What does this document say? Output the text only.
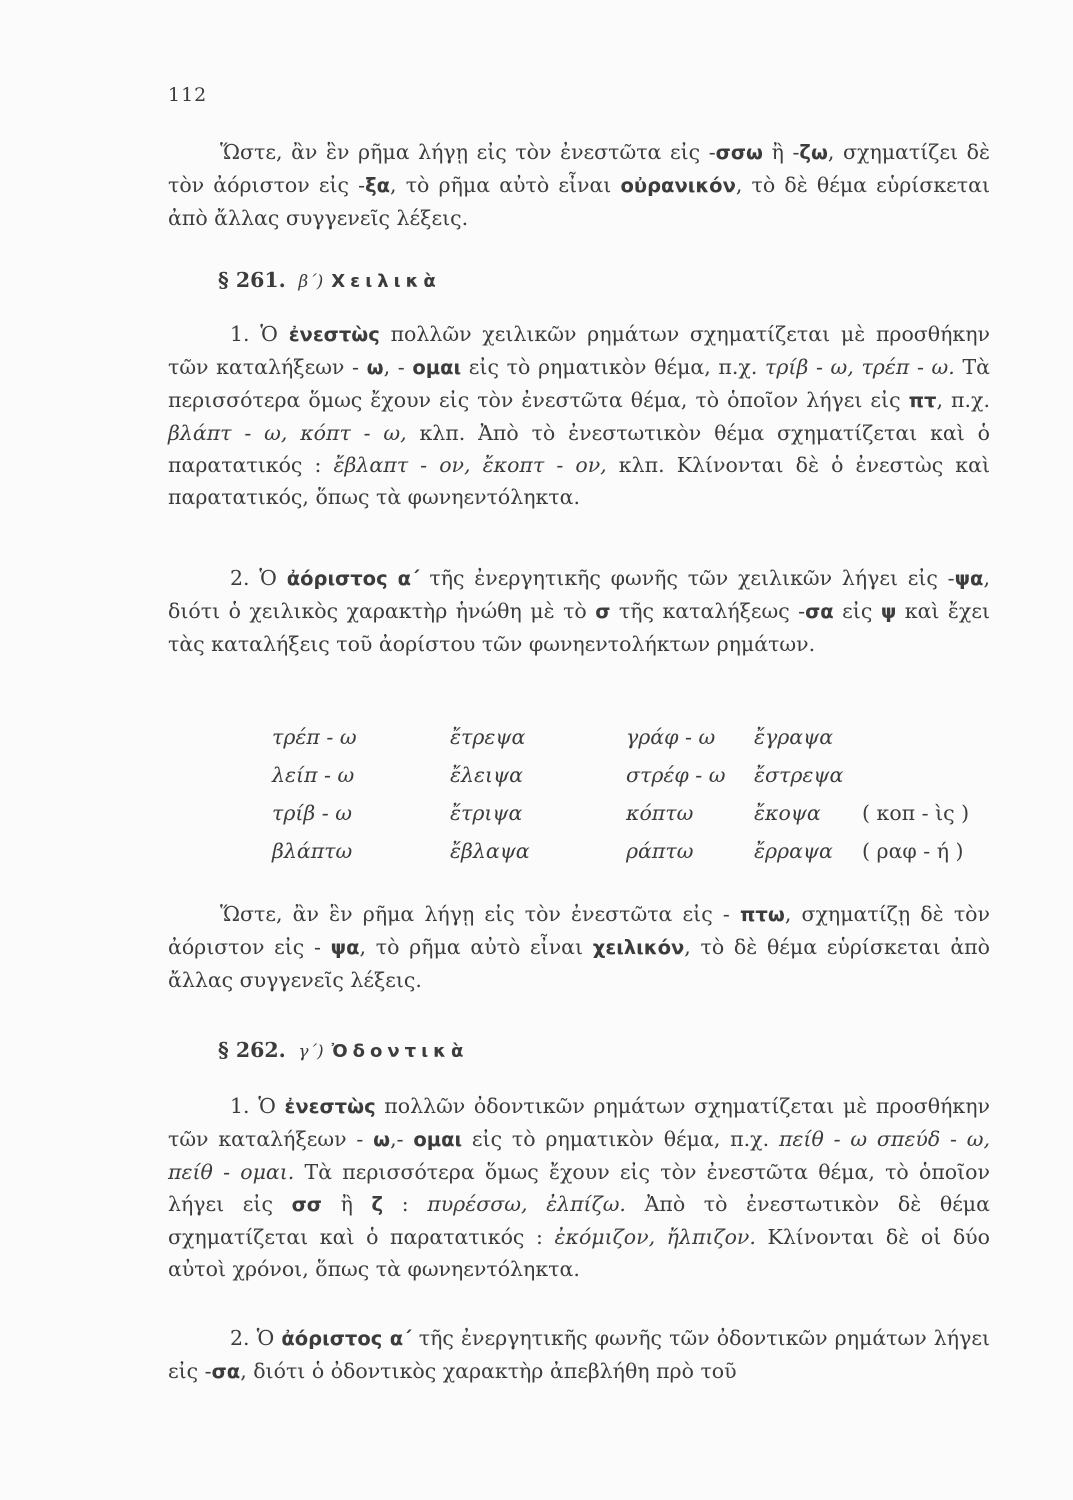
112

Ὥστε, ἂν ἓν ρῆμα λήγῃ εἰς τὸν ἐνεστῶτα εἰς -σσω ἢ -ζω, σχηματίζει δὲ τὸν ἀόριστον εἰς -ξα, τὸ ρῆμα αὐτὸ εἶναι οὐρανικόν, τὸ δὲ θέμα εὑρίσκεται ἀπὸ ἄλλας συγγενεῖς λέξεις.

§ 261. β΄) Χειλικὰ

1. Ὁ ἐνεστὼς πολλῶν χειλικῶν ρημάτων σχηματίζεται μὲ προσθήκην τῶν καταλήξεων - ω, - ομαι εἰς τὸ ρηματικὸν θέμα, π.χ. τρίβ - ω, τρέπ - ω. Τὰ περισσότερα ὅμως ἔχουν εἰς τὸν ἐνεστῶτα θέμα, τὸ ὁποῖον λήγει εἰς πτ, π.χ. βλάπτ - ω, κόπτ - ω, κλπ. Ἀπὸ τὸ ἐνεστωτικὸν θέμα σχηματίζεται καὶ ὁ παρατατικός : ἔβλαπτ - ον, ἔκοπτ - ον, κλπ. Κλίνονται δὲ ὁ ἐνεστὼς καὶ παρατατικός, ὅπως τὰ φωνηεντόληκτα.

2. Ὁ ἀόριστος α΄ τῆς ἐνεργητικῆς φωνῆς τῶν χειλικῶν λήγει εἰς -ψα, διότι ὁ χειλικὸς χαρακτὴρ ἡνώθη μὲ τὸ σ τῆς καταλήξεως -σα εἰς ψ καὶ ἔχει τὰς καταλήξεις τοῦ ἀορίστου τῶν φωνηεντολήκτων ρημάτων.

τρέπ - ω	ἔτρεψα	γράφ - ω	ἔγραψα	
λείπ - ω	ἔλειψα	στρέφ - ω	ἔστρεψα	
τρίβ - ω	ἔτριψα	κόπτω	ἔκοψα	( κοπ - ὶς )
βλάπτω	ἔβλαψα	ράπτω	ἔρραψα	( ραφ - ή )

Ὥστε, ἂν ἓν ρῆμα λήγῃ εἰς τὸν ἐνεστῶτα εἰς - πτω, σχηματίζῃ δὲ τὸν ἀόριστον εἰς - ψα, τὸ ρῆμα αὐτὸ εἶναι χειλικόν, τὸ δὲ θέμα εὑρίσκεται ἀπὸ ἄλλας συγγενεῖς λέξεις.

§ 262. γ΄) Ὀδοντικὰ

1. Ὁ ἐνεστὼς πολλῶν ὀδοντικῶν ρημάτων σχηματίζεται μὲ προσθήκην τῶν καταλήξεων - ω,- ομαι εἰς τὸ ρηματικὸν θέμα, π.χ. πείθ - ω σπεύδ - ω, πείθ - ομαι. Τὰ περισσότερα ὅμως ἔχουν εἰς τὸν ἐνεστῶτα θέμα, τὸ ὁποῖον λήγει εἰς σσ ἢ ζ : πυρέσσω, ἐλπίζω. Ἀπὸ τὸ ἐνεστωτικὸν δὲ θέμα σχηματίζεται καὶ ὁ παρατατικός : ἐκόμιζον, ἤλπιζον. Κλίνονται δὲ οἱ δύο αὐτοὶ χρόνοι, ὅπως τὰ φωνηεντόληκτα.

2. Ὁ ἀόριστος α΄ τῆς ἐνεργητικῆς φωνῆς τῶν ὀδοντικῶν ρημάτων λήγει εἰς -σα, διότι ὁ ὀδοντικὸς χαρακτὴρ ἀπεβλήθη πρὸ τοῦ
